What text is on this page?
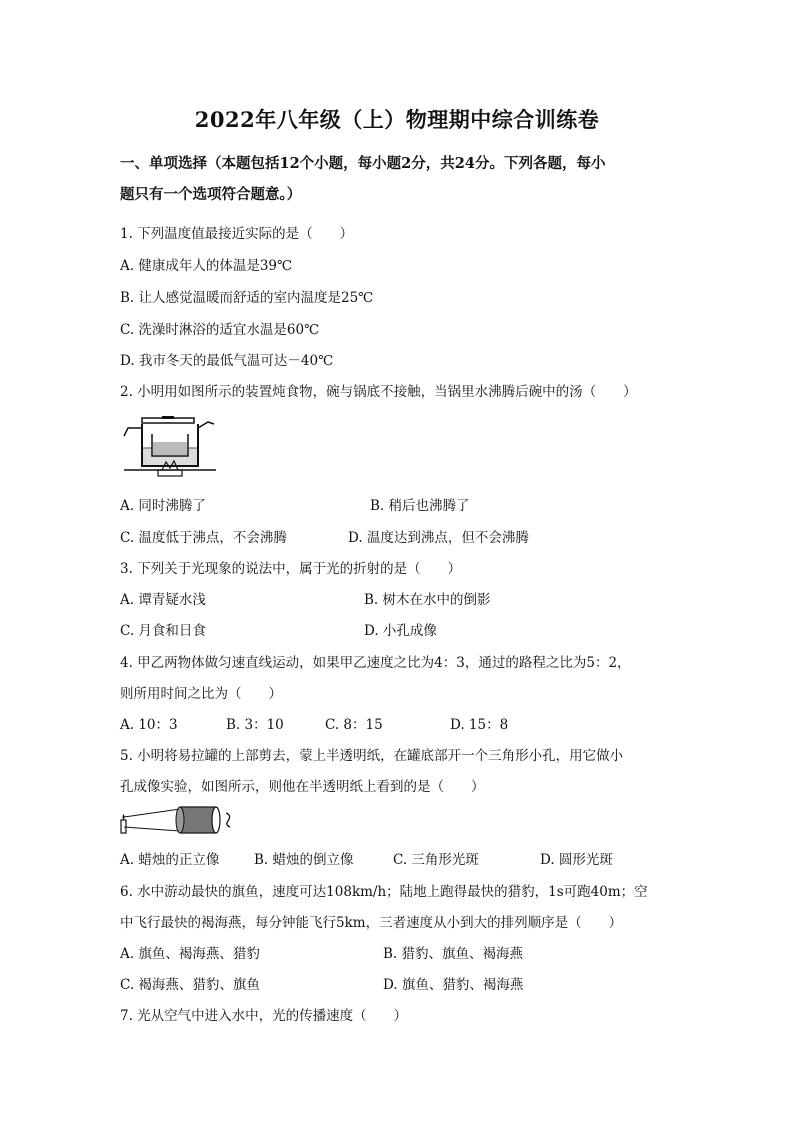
2022年八年级（上）物理期中综合训练卷
一、单项选择（本题包括12个小题，每小题2分，共24分。下列各题，每小
题只有一个选项符合题意。）
1. 下列温度值最接近实际的是（　　）
A. 健康成年人的体温是39℃
B. 让人感觉温暖而舒适的室内温度是25℃
C. 洗澡时淋浴的适宜水温是60℃
D. 我市冬天的最低气温可达－40℃
2. 小明用如图所示的装置炖食物，碗与锅底不接触，当锅里水沸腾后碗中的汤（　　）
A. 同时沸腾了	B. 稍后也沸腾了
C. 温度低于沸点，不会沸腾	D. 温度达到沸点，但不会沸腾
3. 下列关于光现象的说法中，属于光的折射的是（　　）
A. 谭青疑水浅	B. 树木在水中的倒影
C. 月食和日食	D. 小孔成像
4. 甲乙两物体做匀速直线运动，如果甲乙速度之比为4：3，通过的路程之比为5：2，
则所用时间之比为（　　）
A. 10：3	B. 3：10	C. 8：15	D. 15：8
5. 小明将易拉罐的上部剪去，蒙上半透明纸，在罐底部开一个三角形小孔，用它做小
孔成像实验，如图所示，则他在半透明纸上看到的是（　　）
A. 蜡烛的正立像	B. 蜡烛的倒立像	C. 三角形光斑	D. 圆形光斑
6. 水中游动最快的旗鱼，速度可达108km/h；陆地上跑得最快的猎豹，1s可跑40m；空
中飞行最快的褐海燕，每分钟能飞行5km，三者速度从小到大的排列顺序是（　　）
A. 旗鱼、褐海燕、猎豹	B. 猎豹、旗鱼、褐海燕
C. 褐海燕、猎豹、旗鱼	D. 旗鱼、猎豹、褐海燕
7. 光从空气中进入水中，光的传播速度（　　）
